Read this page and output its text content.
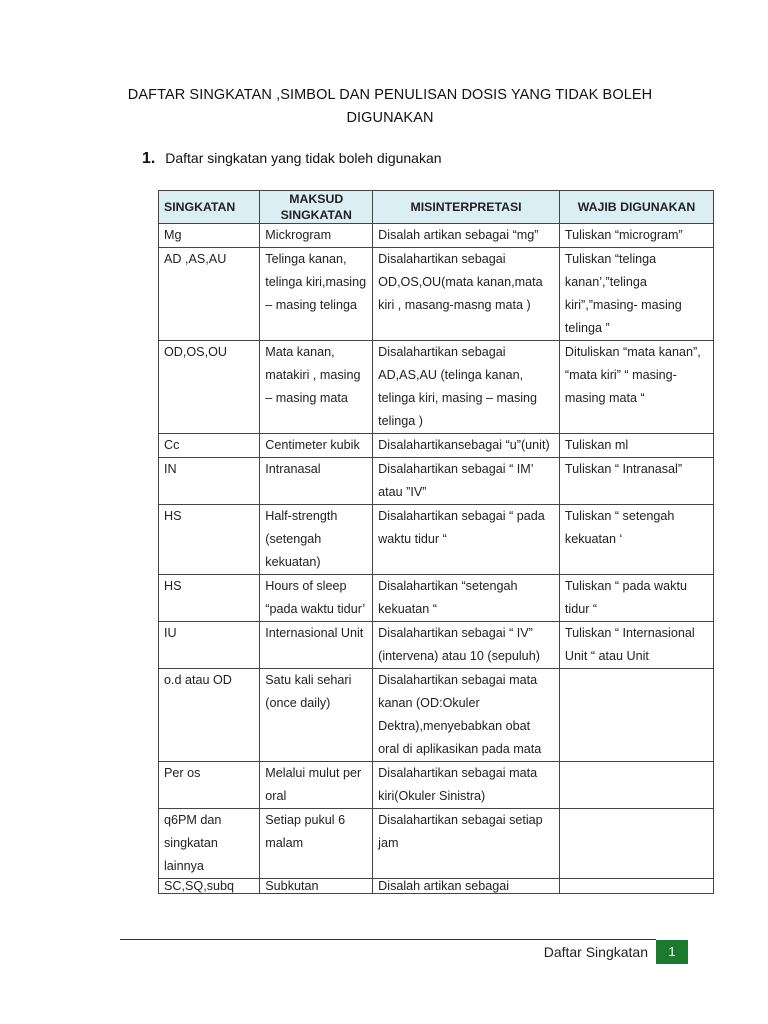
DAFTAR SINGKATAN ,SIMBOL DAN PENULISAN DOSIS YANG TIDAK BOLEH
DIGUNAKAN
1. Daftar singkatan yang tidak boleh digunakan
SINGKATAN	MAKSUD SINGKATAN	MISINTERPRETASI	WAJIB DIGUNAKAN
Mg	Mickrogram	Disalah artikan sebagai “mg”	Tuliskan “microgram”
AD ,AS,AU	Telinga kanan, telinga kiri,masing – masing telinga	Disalahartikan sebagai OD,OS,OU(mata kanan,mata kiri , masang-masng mata )	Tuliskan “telinga kanan’,”telinga kiri”,”masing- masing telinga ”
OD,OS,OU	Mata kanan, matakiri , masing – masing mata	Disalahartikan sebagai AD,AS,AU (telinga kanan, telinga kiri, masing – masing telinga )	Dituliskan “mata kanan”, “mata kiri” “ masing- masing mata “
Cc	Centimeter kubik	Disalahartikansebagai “u”(unit)	Tuliskan ml
IN	Intranasal	Disalahartikan sebagai “ IM’ atau ”IV”	Tuliskan “ Intranasal”
HS	Half-strength (setengah kekuatan)	Disalahartikan sebagai “ pada waktu tidur “	Tuliskan “ setengah kekuatan ‘
HS	Hours of sleep “pada waktu tidur’	Disalahartikan “setengah kekuatan “	Tuliskan “ pada waktu tidur “
IU	Internasional Unit	Disalahartikan sebagai “ IV” (intervena) atau 10 (sepuluh)	Tuliskan “ Internasional Unit “ atau Unit
o.d atau OD	Satu kali sehari (once daily)	Disalahartikan sebagai mata kanan (OD:Okuler Dektra),menyebabkan obat oral di aplikasikan pada mata	
Per os	Melalui mulut per oral	Disalahartikan sebagai mata kiri(Okuler Sinistra)	
q6PM dan singkatan lainnya	Setiap pukul 6 malam	Disalahartikan sebagai setiap jam	
SC,SQ,subq	Subkutan	Disalah artikan sebagai	
Daftar Singkatan	1
